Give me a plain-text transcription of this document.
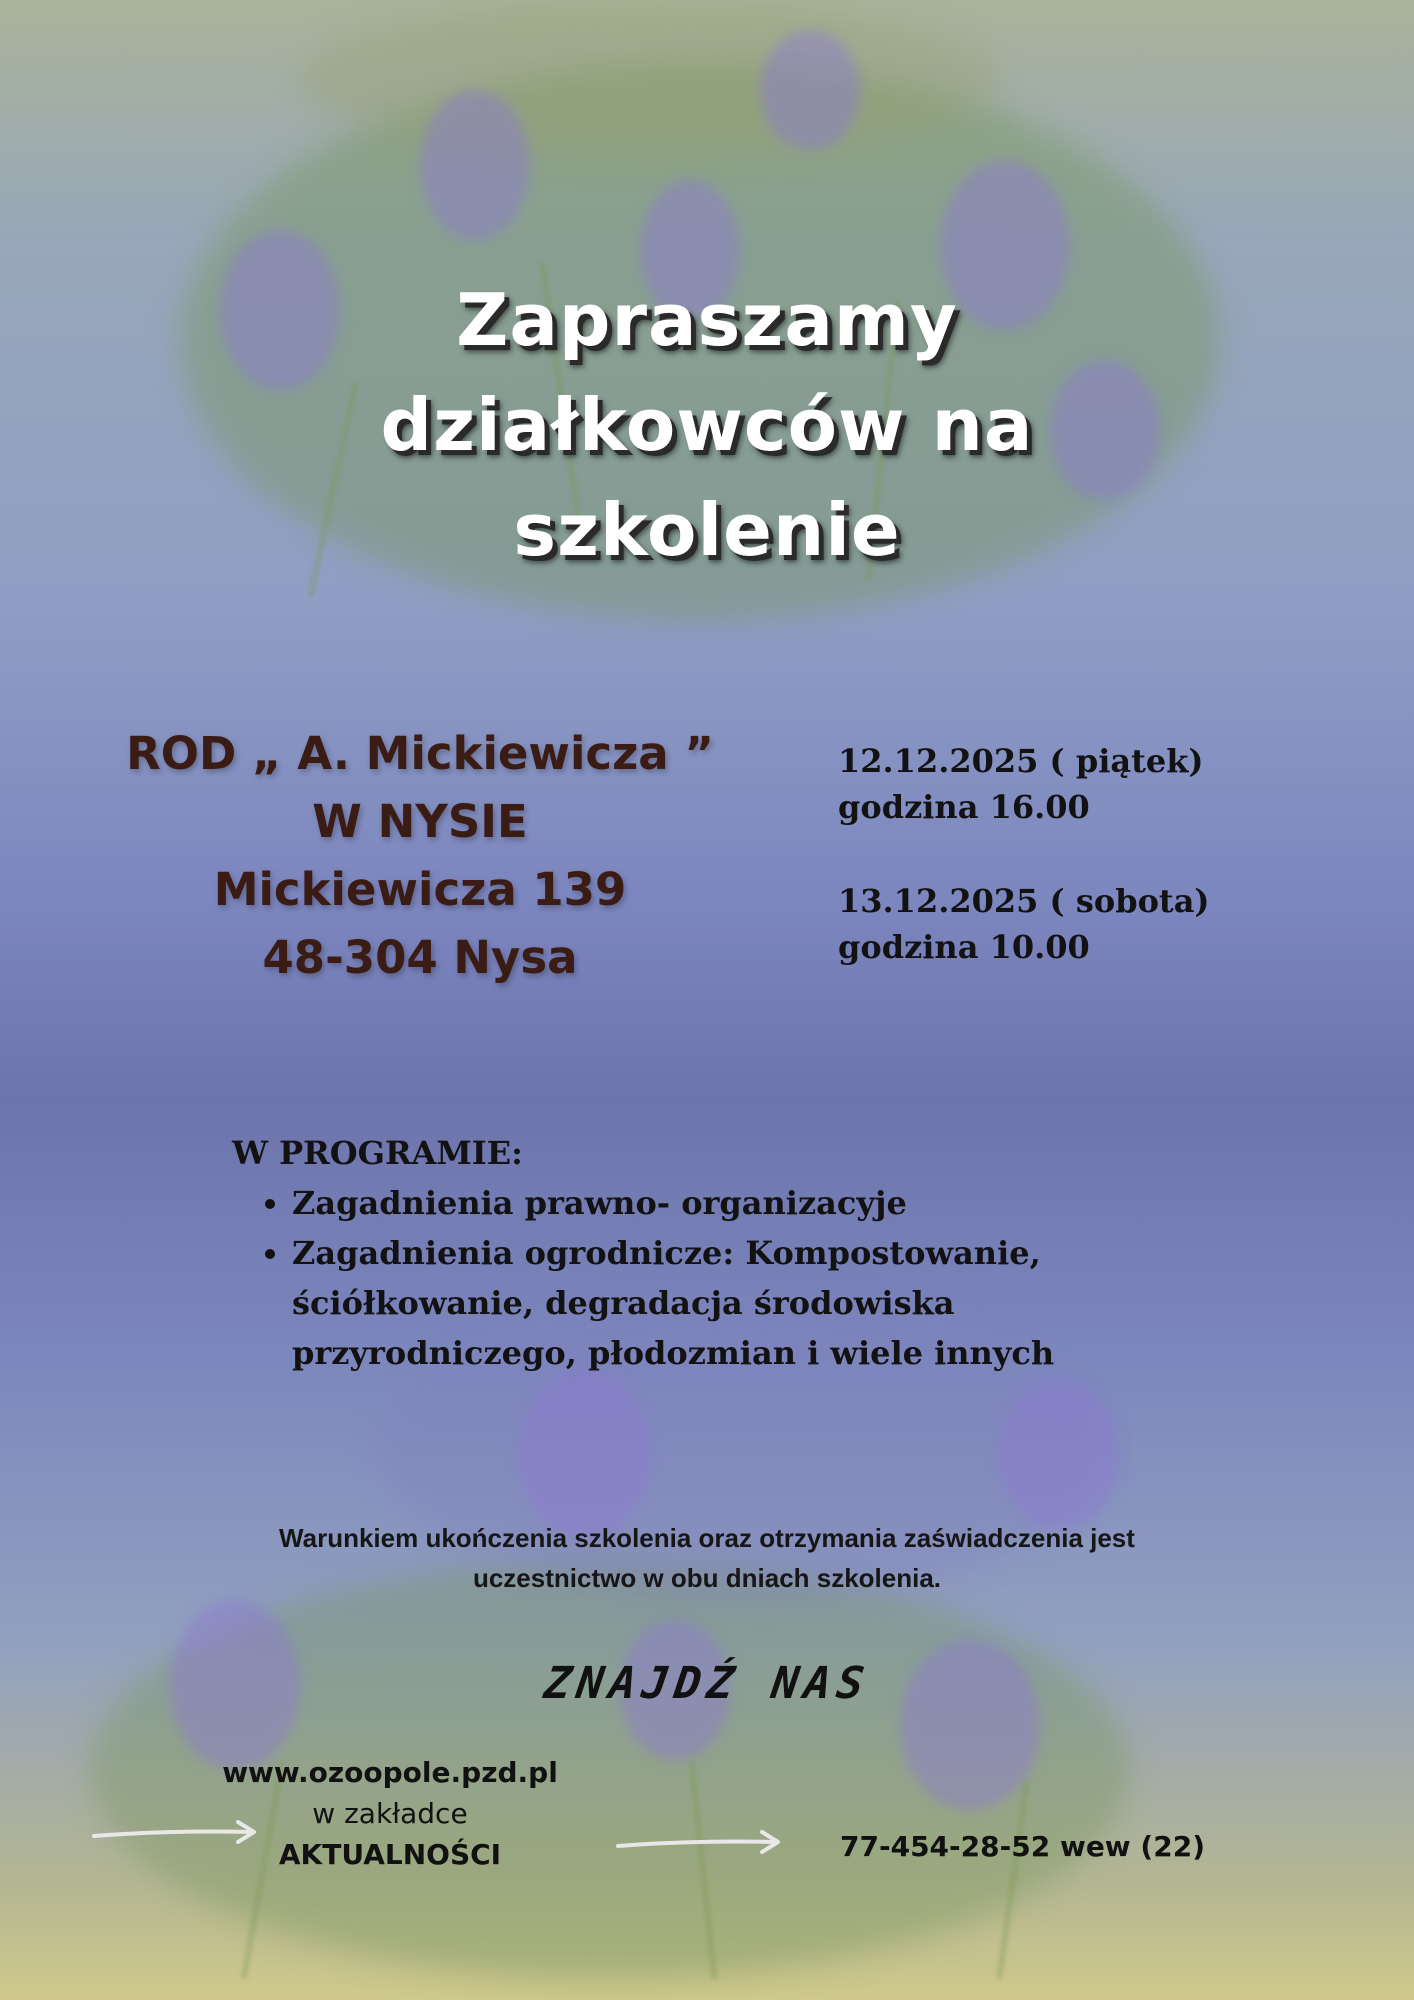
Zapraszamy
działkowców na
szkolenie
ROD „ A. Mickiewicza ”
W NYSIE
Mickiewicza 139
48-304 Nysa
12.12.2025 ( piątek)
godzina 16.00
13.12.2025 ( sobota)
godzina 10.00
W PROGRAMIE:
• Zagadnienia prawno- organizacyje
• Zagadnienia ogrodnicze: Kompostowanie, ściółkowanie, degradacja środowiska przyrodniczego, płodozmian i wiele innych
Warunkiem ukończenia szkolenia oraz otrzymania zaświadczenia jest
uczestnictwo w obu dniach szkolenia.
ZNAJDŹ NAS
www.ozoopole.pzd.pl
w zakładce
AKTUALNOŚCI	77-454-28-52 wew (22)
